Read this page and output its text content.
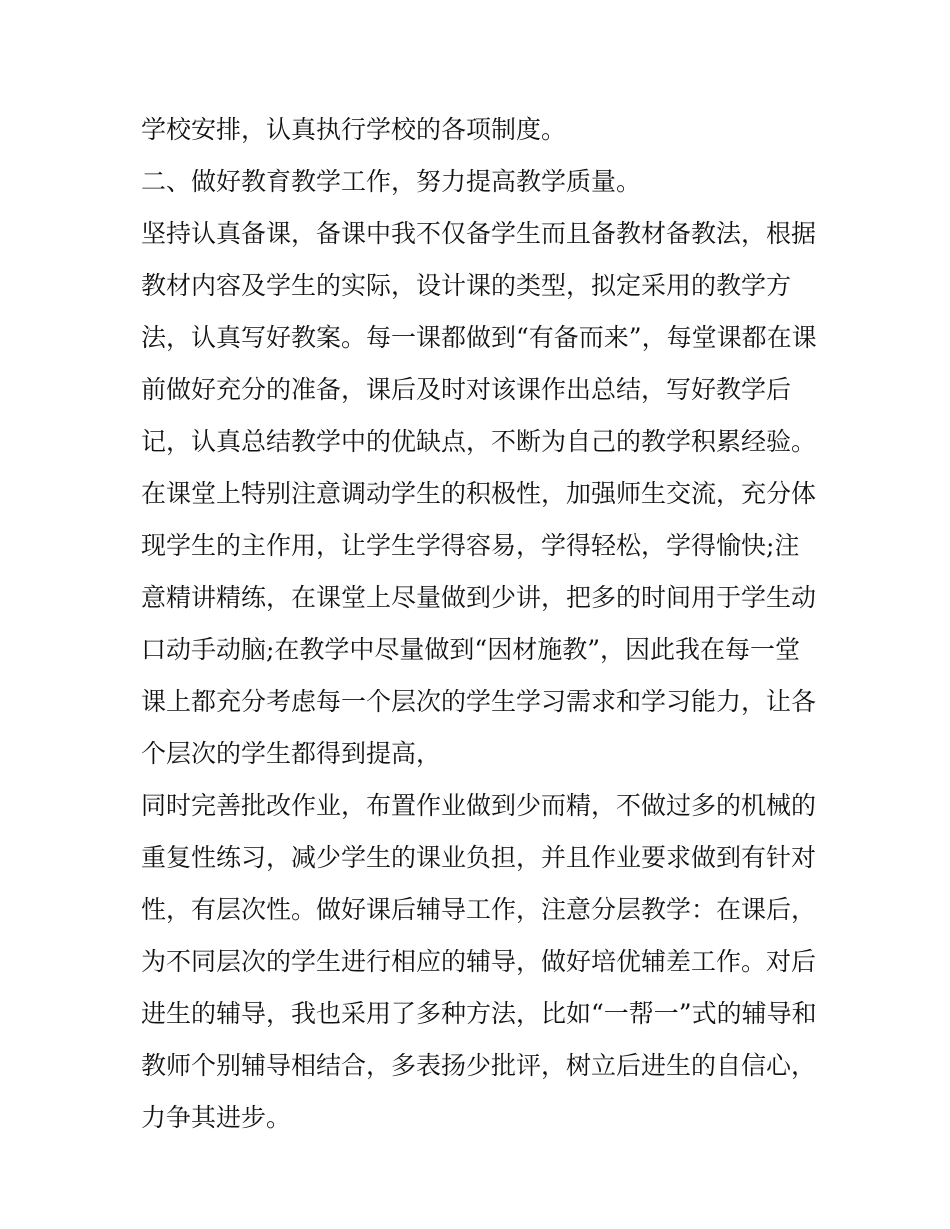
学校安排，认真执行学校的各项制度。
二、做好教育教学工作，努力提高教学质量。
坚持认真备课，备课中我不仅备学生而且备教材备教法，根据
教材内容及学生的实际，设计课的类型，拟定采用的教学方
法，认真写好教案。每一课都做到“有备而来”，每堂课都在课
前做好充分的准备，课后及时对该课作出总结，写好教学后
记，认真总结教学中的优缺点，不断为自己的教学积累经验。
在课堂上特别注意调动学生的积极性，加强师生交流，充分体
现学生的主作用，让学生学得容易，学得轻松，学得愉快;注
意精讲精练，在课堂上尽量做到少讲，把多的时间用于学生动
口动手动脑;在教学中尽量做到“因材施教”，因此我在每一堂
课上都充分考虑每一个层次的学生学习需求和学习能力，让各
个层次的学生都得到提高，
同时完善批改作业，布置作业做到少而精，不做过多的机械的
重复性练习，减少学生的课业负担，并且作业要求做到有针对
性，有层次性。做好课后辅导工作，注意分层教学：在课后，
为不同层次的学生进行相应的辅导，做好培优辅差工作。对后
进生的辅导，我也采用了多种方法，比如“一帮一”式的辅导和
教师个别辅导相结合，多表扬少批评，树立后进生的自信心，
力争其进步。
